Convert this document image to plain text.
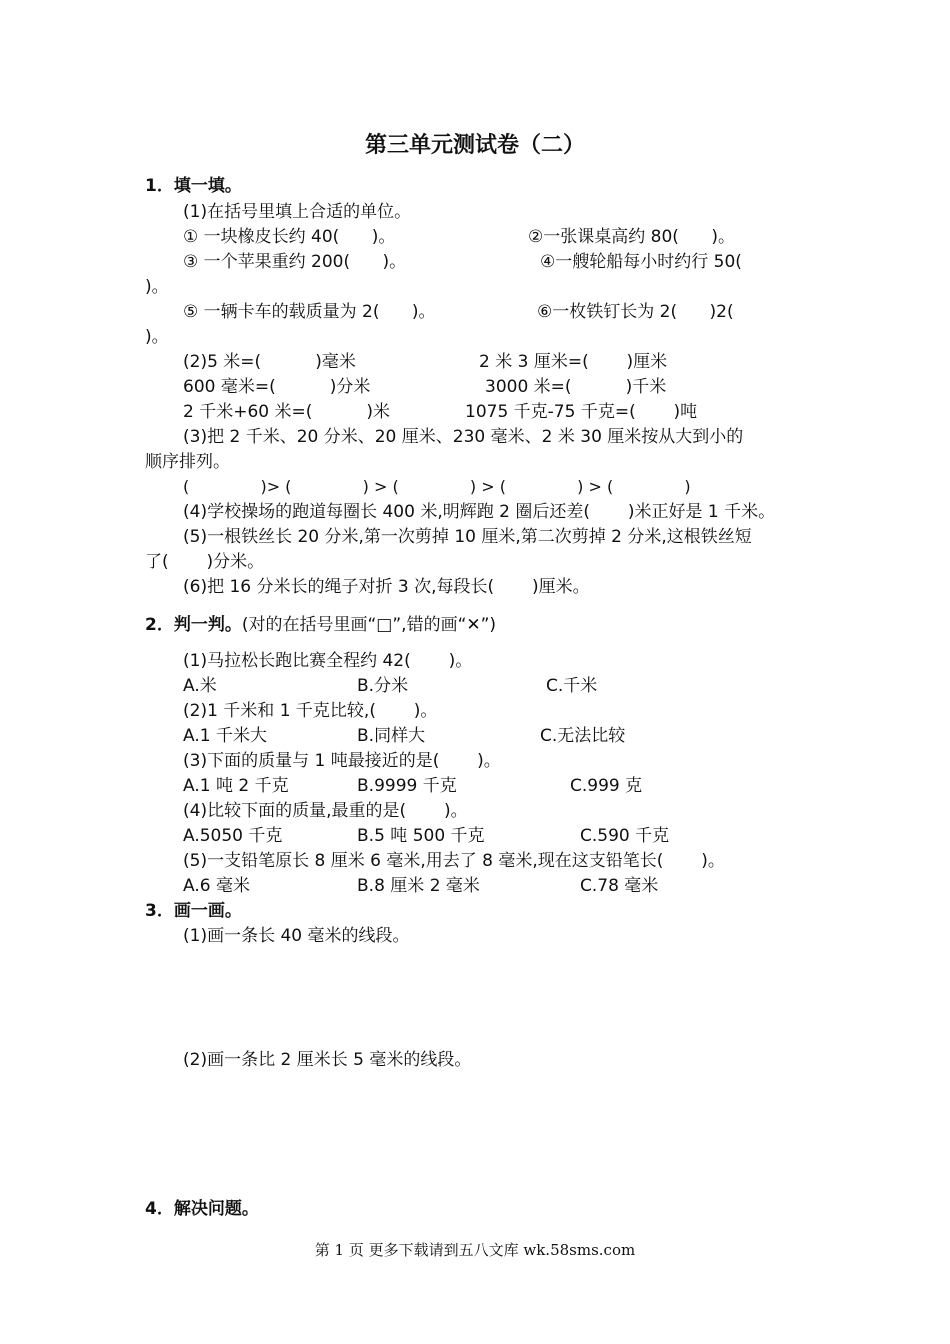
第三单元测试卷（二）
1．填一填。
(1)在括号里填上合适的单位。
① 一块橡皮长约 40(      )。	②一张课桌高约 80(      )。
③ 一个苹果重约 200(      )。	④一艘轮船每小时约行 50(
)。
⑤ 一辆卡车的载质量为 2(      )。	⑥一枚铁钉长为 2(      )2(
)。
(2)5 米=(          )毫米	2 米 3 厘米=(       )厘米
600 毫米=(          )分米	3000 米=(          )千米
2 千米+60 米=(          )米	1075 千克-75 千克=(       )吨
(3)把 2 千米、20 分米、20 厘米、230 毫米、2 米 30 厘米按从大到小的
顺序排列。
(              )> (              ) > (              ) > (              ) > (              )
(4)学校操场的跑道每圈长 400 米,明辉跑 2 圈后还差(       )米正好是 1 千米。
(5)一根铁丝长 20 分米,第一次剪掉 10 厘米,第二次剪掉 2 分米,这根铁丝短
了(       )分米。
(6)把 16 分米长的绳子对折 3 次,每段长(       )厘米。
2．判一判。(对的在括号里画“□”,错的画“✕”)
(1)马拉松长跑比赛全程约 42(       )。
A.米	B.分米	C.千米
(2)1 千米和 1 千克比较,(       )。
A.1 千米大	B.同样大	C.无法比较
(3)下面的质量与 1 吨最接近的是(       )。
A.1 吨 2 千克	B.9999 千克	C.999 克
(4)比较下面的质量,最重的是(       )。
A.5050 千克	B.5 吨 500 千克	C.590 千克
(5)一支铅笔原长 8 厘米 6 毫米,用去了 8 毫米,现在这支铅笔长(       )。
A.6 毫米	B.8 厘米 2 毫米	C.78 毫米
3．画一画。
(1)画一条长 40 毫米的线段。
(2)画一条比 2 厘米长 5 毫米的线段。
4．解决问题。
第 1 页 更多下载请到五八文库 wk.58sms.com
